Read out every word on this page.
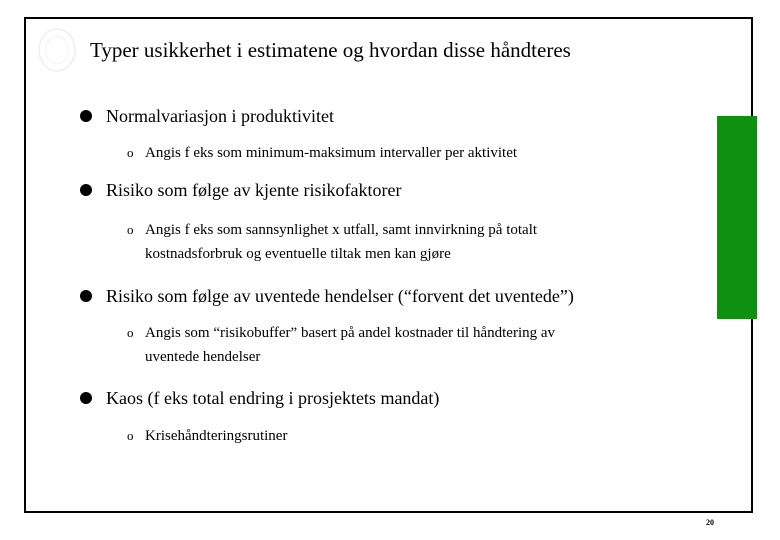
Typer usikkerhet i estimatene og hvordan disse håndteres
Normalvariasjon i produktivitet
o Angis f eks som minimum-maksimum intervaller per aktivitet
Risiko som følge av kjente risikofaktorer
o Angis f eks som sannsynlighet x utfall, samt innvirkning på totalt
kostnadsforbruk og eventuelle tiltak men kan gjøre
Risiko som følge av uventede hendelser (“forvent det uventede”)
o Angis som “risikobuffer” basert på andel kostnader til håndtering av
uventede hendelser
Kaos (f eks total endring i prosjektets mandat)
o Krisehåndteringsrutiner
20
